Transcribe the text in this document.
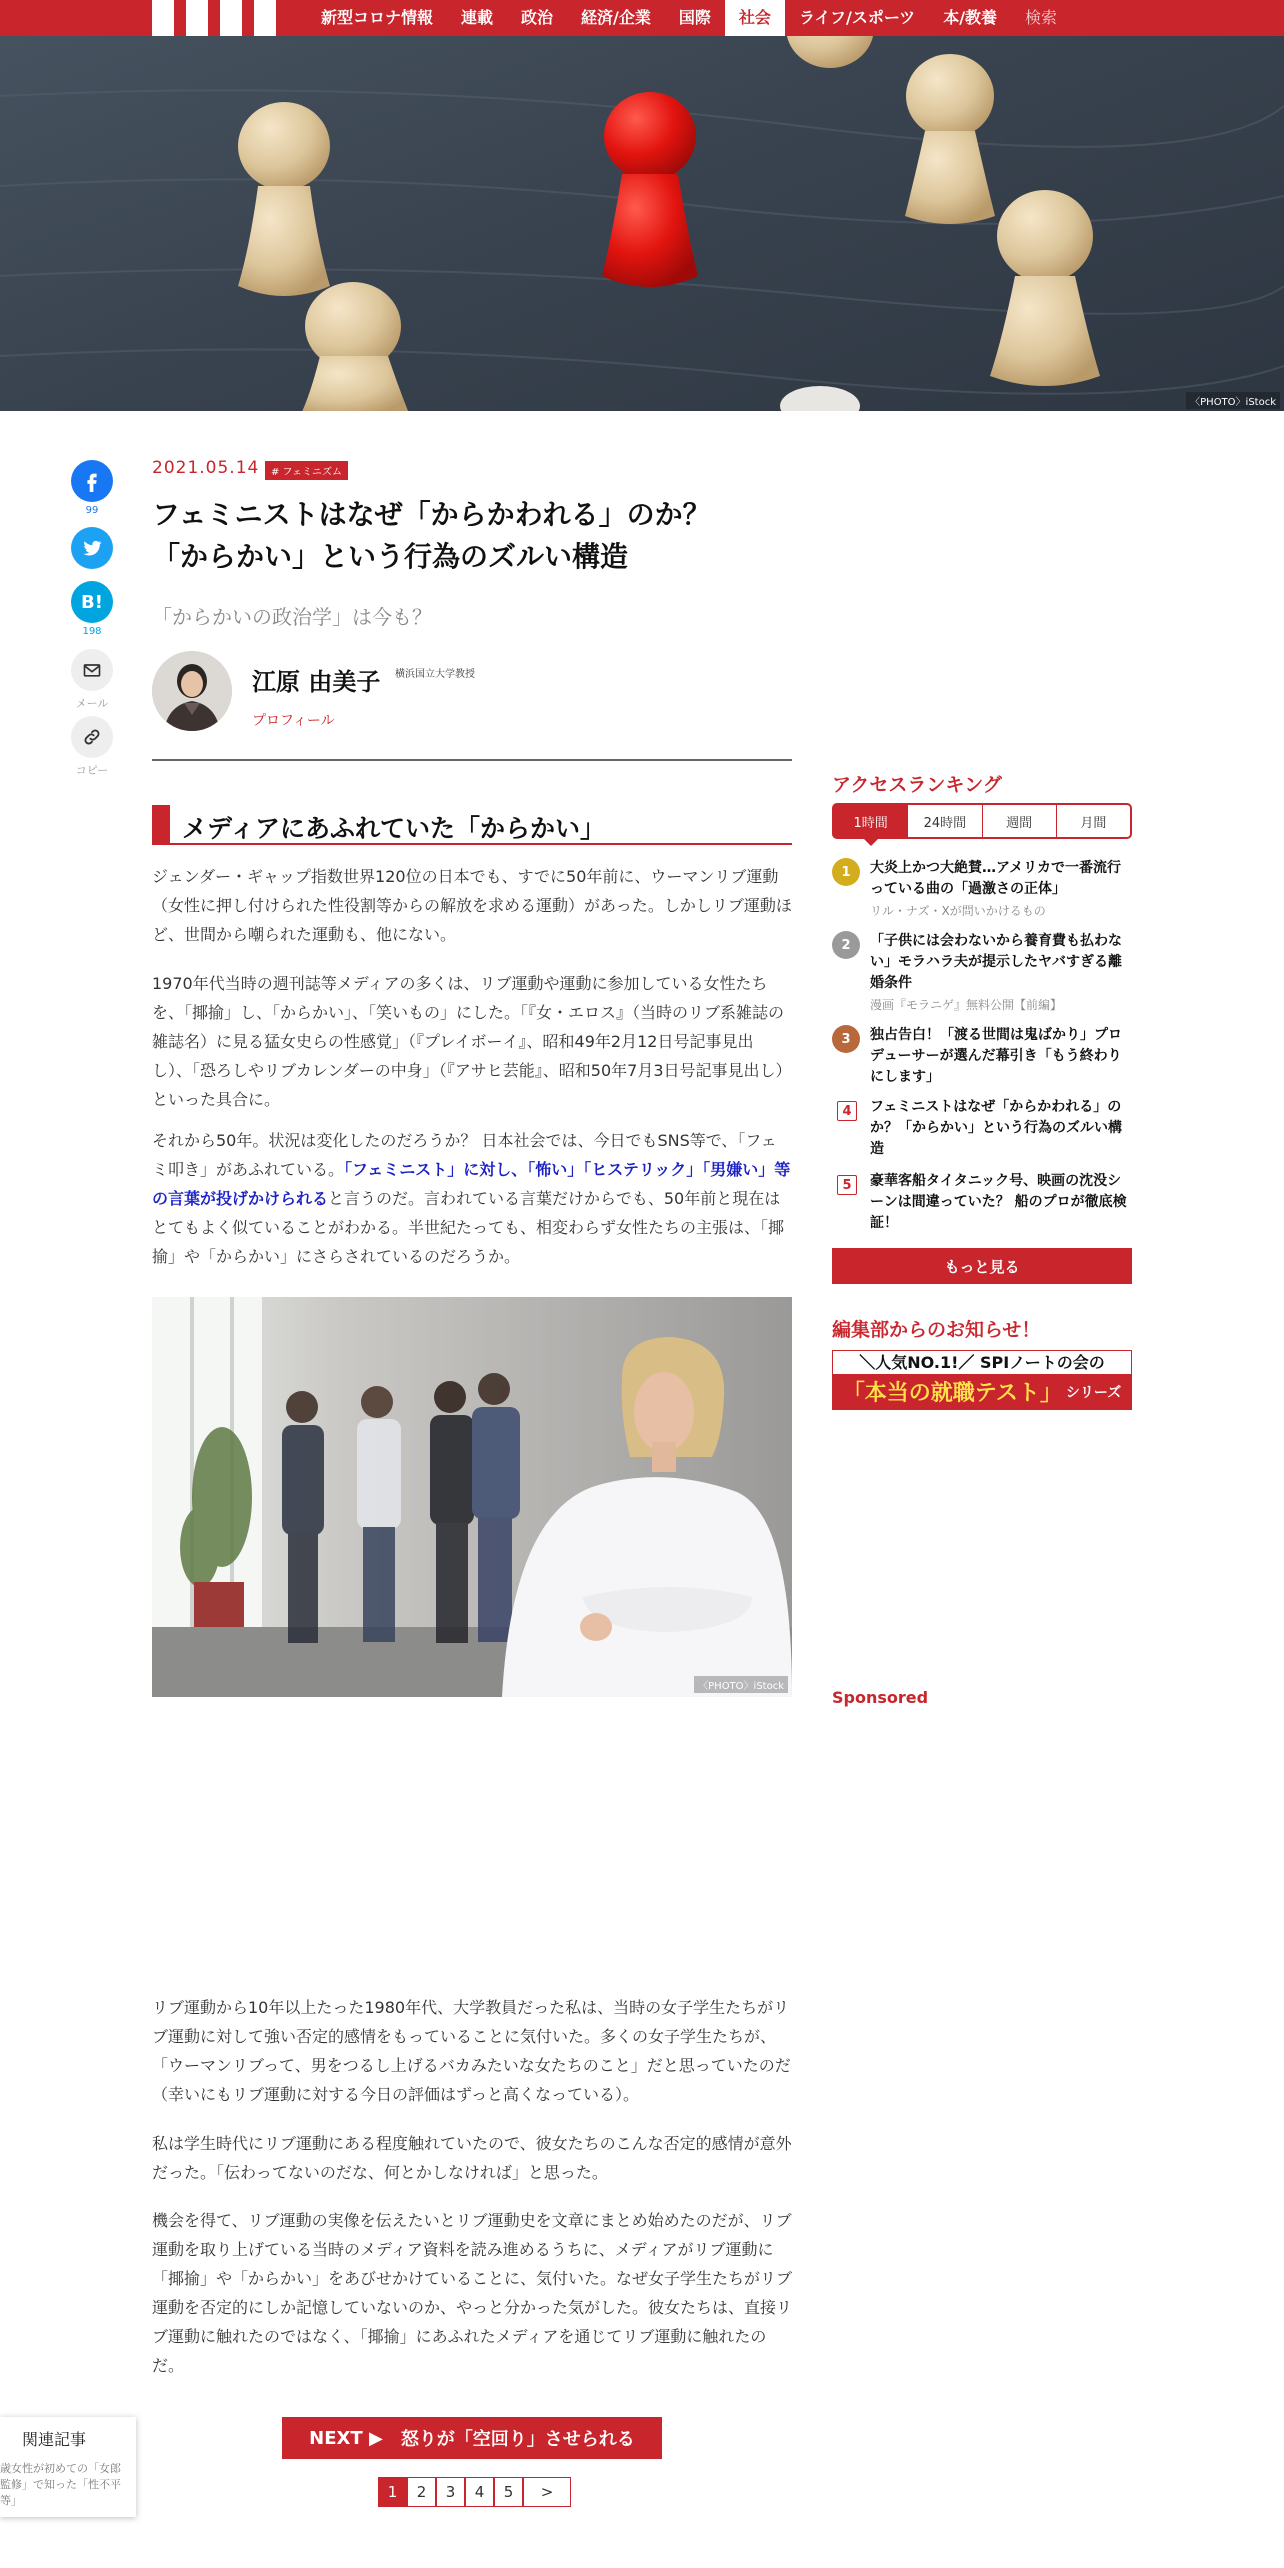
新型コロナ情報	連載	政治	経済/企業	国際	社会	ライフ/スポーツ	本/教養	検索
〈PHOTO〉iStock
99
B!
198
メール
コピー
2021.05.14	# フェミニズム
フェミニストはなぜ「からかわれる」のか？
「からかい」という行為のズルい構造
「からかいの政治学」は今も？
江原 由美子 横浜国立大学教授
プロフィール
メディアにあふれていた「からかい」

ジェンダー・ギャップ指数世界120位の日本でも、すでに50年前に、ウーマンリブ運動（女性に押し付けられた性役割等からの解放を求める運動）があった。しかしリブ運動ほど、世間から嘲られた運動も、他にない。

1970年代当時の週刊誌等メディアの多くは、リブ運動や運動に参加している女性たちを、「揶揄」し、「からかい」、「笑いもの」にした。「『女・エロス』（当時のリブ系雑誌の雑誌名）に見る猛女史らの性感覚」（『プレイボーイ』、昭和49年2月12日号記事見出し）、「恐ろしやリブカレンダーの中身」（『アサヒ芸能』、昭和50年7月3日号記事見出し）といった具合に。

それから50年。状況は変化したのだろうか？ 日本社会では、今日でもSNS等で、「フェミ叩き」があふれている。「フェミニスト」に対し、「怖い」「ヒステリック」「男嫌い」等の言葉が投げかけられると言うのだ。言われている言葉だけからでも、50年前と現在はとてもよく似ていることがわかる。半世紀たっても、相変わらず女性たちの主張は、「揶揄」や「からかい」にさらされているのだろうか。

〈PHOTO〉iStock

リブ運動から10年以上たった1980年代、大学教員だった私は、当時の女子学生たちがリブ運動に対して強い否定的感情をもっていることに気付いた。多くの女子学生たちが、「ウーマンリブって、男をつるし上げるバカみたいな女たちのこと」だと思っていたのだ（幸いにもリブ運動に対する今日の評価はずっと高くなっている）。

私は学生時代にリブ運動にある程度触れていたので、彼女たちのこんな否定的感情が意外だった。「伝わってないのだな、何とかしなければ」と思った。

機会を得て、リブ運動の実像を伝えたいとリブ運動史を文章にまとめ始めたのだが、リブ運動を取り上げている当時のメディア資料を読み進めるうちに、メディアがリブ運動に「揶揄」や「からかい」をあびせかけていることに、気付いた。なぜ女子学生たちがリブ運動を否定的にしか記憶していないのか、やっと分かった気がした。彼女たちは、直接リブ運動に触れたのではなく、「揶揄」にあふれたメディアを通じてリブ運動に触れたのだ。

NEXT ▶ 怒りが「空回り」させられる
1	2	3	4	5	>
関連記事
歳女性が初めての「女郎監修」で知った「性不平等」
アクセスランキング
1時間	24時間	週間	月間
1	大炎上かつ大絶賛…アメリカで一番流行っている曲の「過激さの正体」
リル・ナズ・Xが問いかけるもの
2	「子供には会わないから養育費も払わない」モラハラ夫が提示したヤバすぎる離婚条件
漫画『モラニゲ』無料公開【前編】
3	独占告白！「渡る世間は鬼ばかり」プロデューサーが選んだ幕引き「もう終わりにします」
4	フェミニストはなぜ「からかわれる」のか？「からかい」という行為のズルい構造
5	豪華客船タイタニック号、映画の沈没シーンは間違っていた？ 船のプロが徹底検証！
もっと見る
編集部からのお知らせ！
＼人気NO.1!／ SPIノートの会の
「本当の就職テスト」 シリーズ
Sponsored
